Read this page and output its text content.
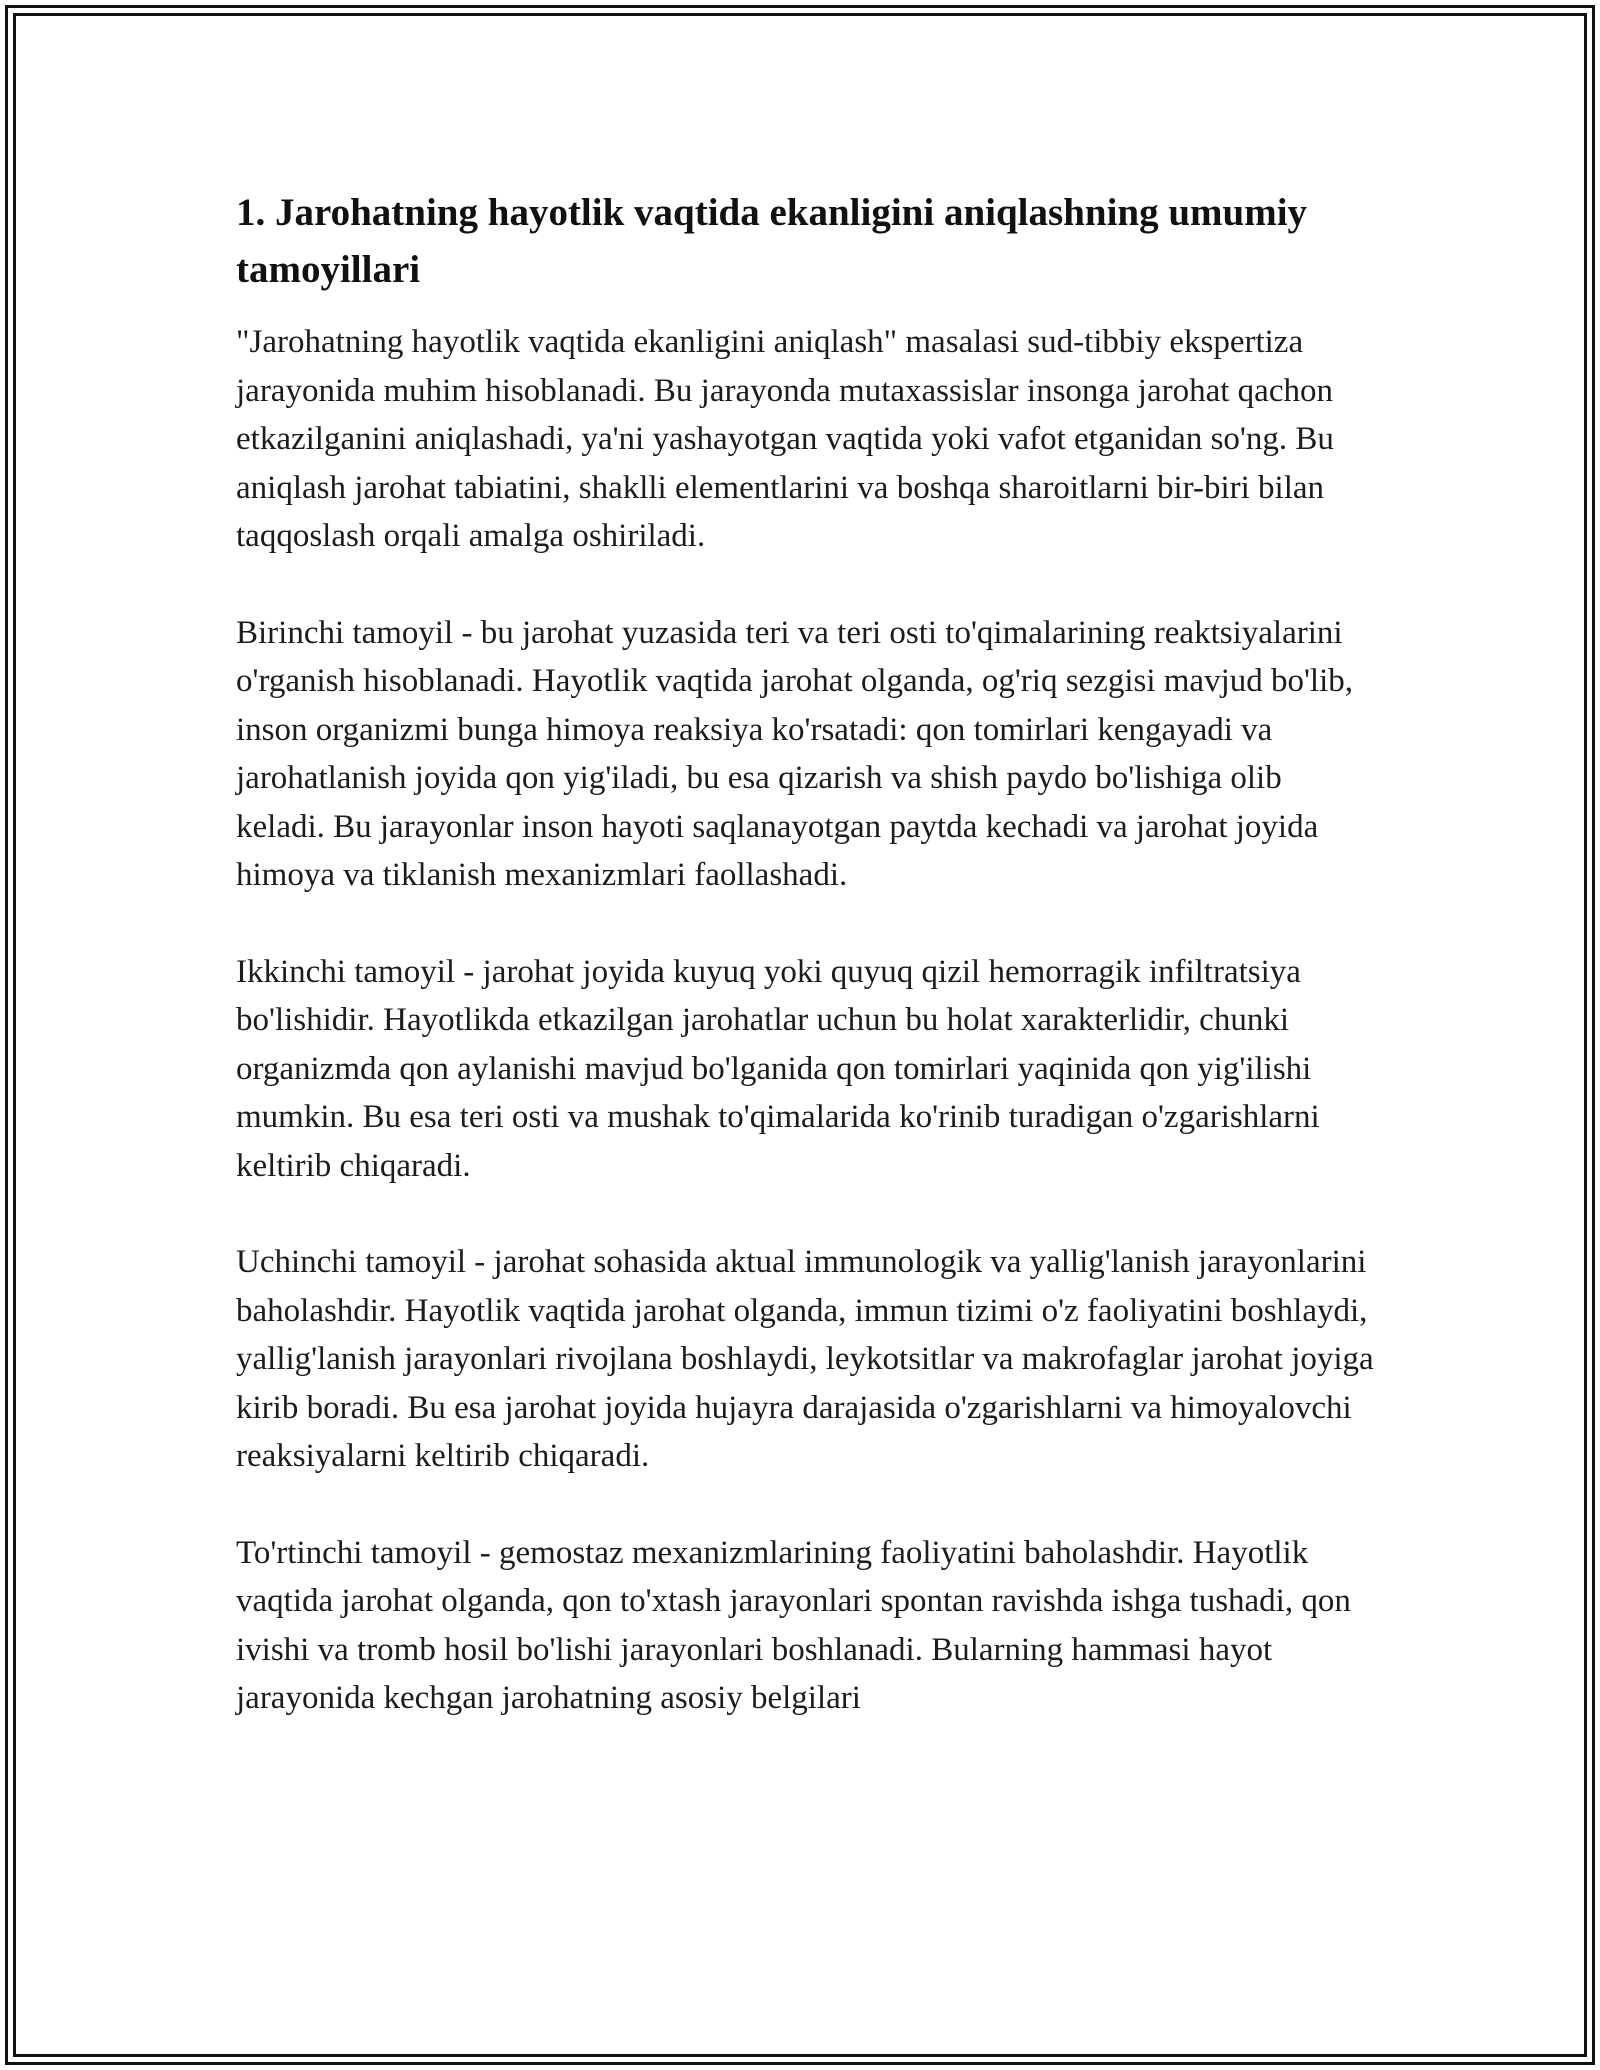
1. Jarohatning hayotlik vaqtida ekanligini aniqlashning umumiy tamoyillari

"Jarohatning hayotlik vaqtida ekanligini aniqlash" masalasi sud-tibbiy ekspertiza jarayonida muhim hisoblanadi. Bu jarayonda mutaxassislar insonga jarohat qachon etkazilganini aniqlashadi, ya'ni yashayotgan vaqtida yoki vafot etganidan so'ng. Bu aniqlash jarohat tabiatini, shaklli elementlarini va boshqa sharoitlarni bir-biri bilan taqqoslash orqali amalga oshiriladi.

Birinchi tamoyil - bu jarohat yuzasida teri va teri osti to'qimalarining reaktsiyalarini o'rganish hisoblanadi. Hayotlik vaqtida jarohat olganda, og'riq sezgisi mavjud bo'lib, inson organizmi bunga himoya reaksiya ko'rsatadi: qon tomirlari kengayadi va jarohatlanish joyida qon yig'iladi, bu esa qizarish va shish paydo bo'lishiga olib keladi. Bu jarayonlar inson hayoti saqlanayotgan paytda kechadi va jarohat joyida himoya va tiklanish mexanizmlari faollashadi.

Ikkinchi tamoyil - jarohat joyida kuyuq yoki quyuq qizil hemorragik infiltratsiya bo'lishidir. Hayotlikda etkazilgan jarohatlar uchun bu holat xarakterlidir, chunki organizmda qon aylanishi mavjud bo'lganida qon tomirlari yaqinida qon yig'ilishi mumkin. Bu esa teri osti va mushak to'qimalarida ko'rinib turadigan o'zgarishlarni keltirib chiqaradi.

Uchinchi tamoyil - jarohat sohasida aktual immunologik va yallig'lanish jarayonlarini baholashdir. Hayotlik vaqtida jarohat olganda, immun tizimi o'z faoliyatini boshlaydi, yallig'lanish jarayonlari rivojlana boshlaydi, leykotsitlar va makrofaglar jarohat joyiga kirib boradi. Bu esa jarohat joyida hujayra darajasida o'zgarishlarni va himoyalovchi reaksiyalarni keltirib chiqaradi.

To'rtinchi tamoyil - gemostaz mexanizmlarining faoliyatini baholashdir. Hayotlik vaqtida jarohat olganda, qon to'xtash jarayonlari spontan ravishda ishga tushadi, qon ivishi va tromb hosil bo'lishi jarayonlari boshlanadi. Bularning hammasi hayot jarayonida kechgan jarohatning asosiy belgilari
